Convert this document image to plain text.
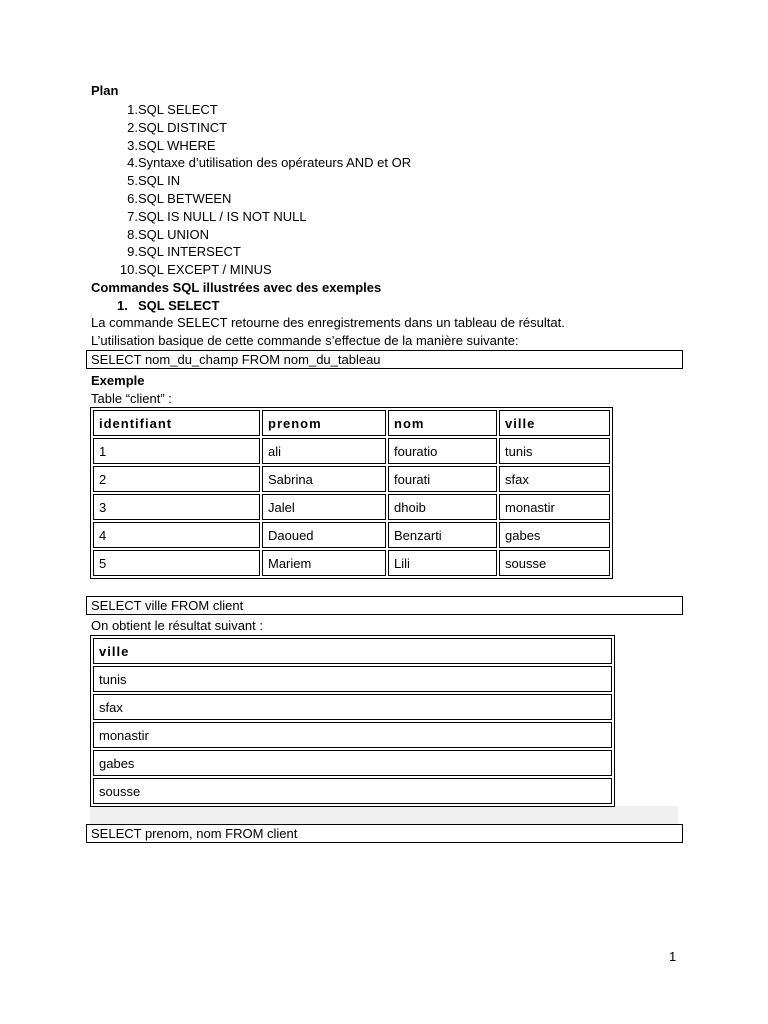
Plan
1. SQL SELECT
2. SQL DISTINCT
3. SQL WHERE
4. Syntaxe d’utilisation des opérateurs AND et OR
5. SQL IN
6. SQL BETWEEN
7. SQL IS NULL / IS NOT NULL
8. SQL UNION
9. SQL INTERSECT
10. SQL EXCEPT / MINUS
Commandes SQL illustrées avec des exemples
1. SQL SELECT
La commande SELECT retourne des enregistrements dans un tableau de résultat.
L’utilisation basique de cette commande s’effectue de la manière suivante:
SELECT nom_du_champ FROM nom_du_tableau
Exemple
Table “client” :
identifiant	prenom	nom	ville
1	ali	fouratio	tunis
2	Sabrina	fourati	sfax
3	Jalel	dhoib	monastir
4	Daoued	Benzarti	gabes
5	Mariem	Lili	sousse
SELECT ville FROM client
On obtient le résultat suivant :
ville
tunis
sfax
monastir
gabes
sousse
SELECT prenom, nom FROM client
1
